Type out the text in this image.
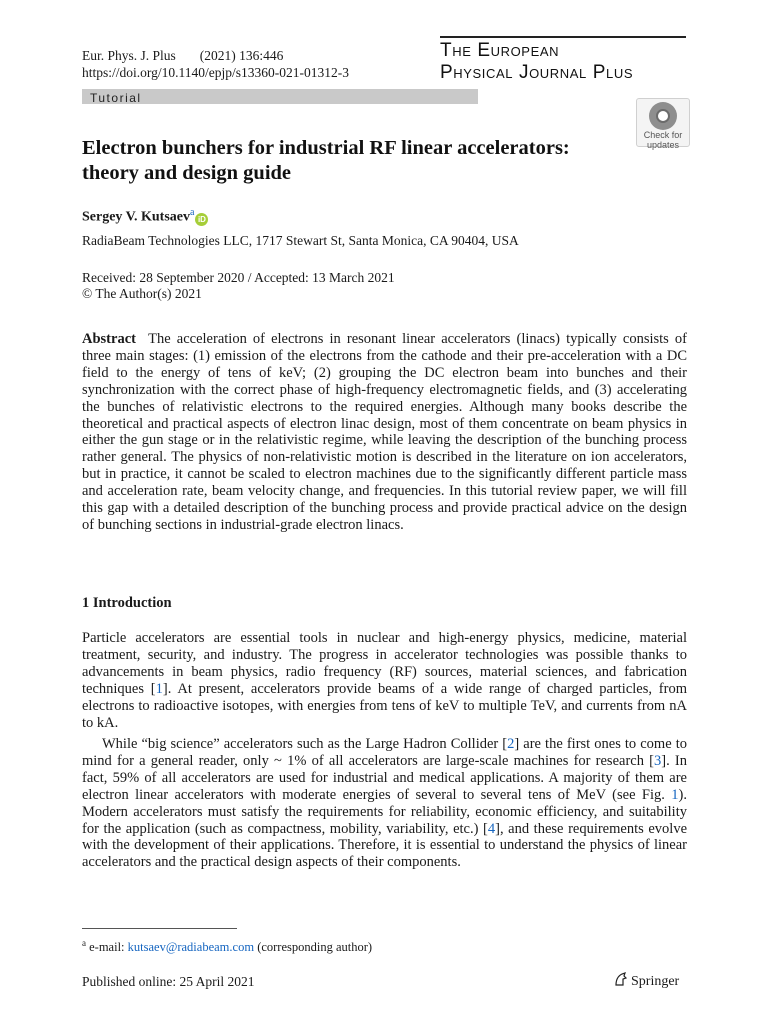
Eur. Phys. J. Plus (2021) 136:446
https://doi.org/10.1140/epjp/s13360-021-01312-3
The European
Physical Journal Plus
Tutorial
Check for
updates
Electron bunchers for industrial RF linear accelerators:
theory and design guide
Sergey V. Kutsaev$^a$iD
RadiaBeam Technologies LLC, 1717 Stewart St, Santa Monica, CA 90404, USA
Received: 28 September 2020 / Accepted: 13 March 2021
© The Author(s) 2021
Abstract The acceleration of electrons in resonant linear accelerators (linacs) typically consists of three main stages: (1) emission of the electrons from the cathode and their pre-acceleration with a DC field to the energy of tens of keV; (2) grouping the DC electron beam into bunches and their synchronization with the correct phase of high-frequency electromagnetic fields, and (3) accelerating the bunches of relativistic electrons to the required energies. Although many books describe the theoretical and practical aspects of electron linac design, most of them concentrate on beam physics in either the gun stage or in the relativistic regime, while leaving the description of the bunching process rather general. The physics of non-relativistic motion is described in the literature on ion accelerators, but in practice, it cannot be scaled to electron machines due to the significantly different particle mass and acceleration rate, beam velocity change, and frequencies. In this tutorial review paper, we will fill this gap with a detailed description of the bunching process and provide practical advice on the design of bunching sections in industrial-grade electron linacs.
1 Introduction
Particle accelerators are essential tools in nuclear and high-energy physics, medicine, material treatment, security, and industry. The progress in accelerator technologies was possible thanks to advancements in beam physics, radio frequency (RF) sources, material sciences, and fabrication techniques [1]. At present, accelerators provide beams of a wide range of charged particles, from electrons to radioactive isotopes, with energies from tens of keV to multiple TeV, and currents from nA to kA.
While “big science” accelerators such as the Large Hadron Collider [2] are the first ones to come to mind for a general reader, only ~ 1% of all accelerators are large-scale machines for research [3]. In fact, 59% of all accelerators are used for industrial and medical applications. A majority of them are electron linear accelerators with moderate energies of several to several tens of MeV (see Fig. 1). Modern accelerators must satisfy the requirements for reliability, economic efficiency, and suitability for the application (such as compactness, mobility, variability, etc.) [4], and these requirements evolve with the development of their applications. Therefore, it is essential to understand the physics of linear accelerators and the practical design aspects of their components.
$^a$ e-mail: kutsaev@radiabeam.com (corresponding author)
Published online: 25 April 2021	Springer
